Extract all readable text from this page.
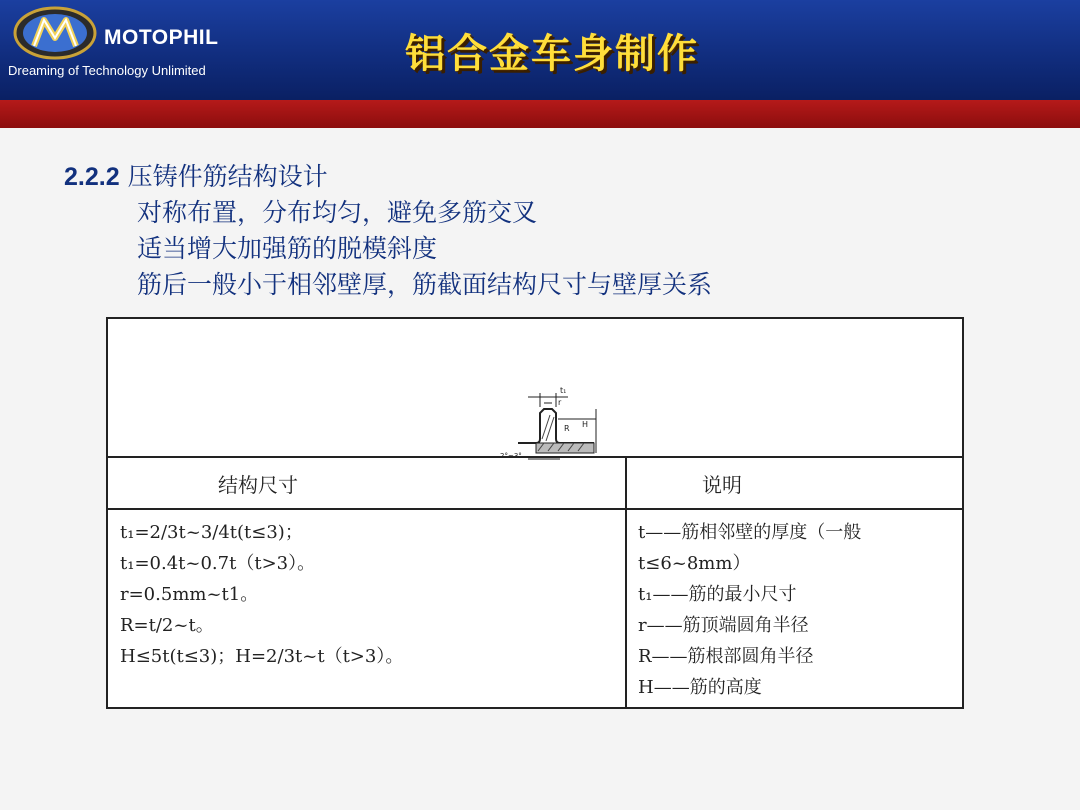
MOTOPHIL
Dreaming of Technology Unlimited	铝合金车身制作
2.2.2 压铸件筋结构设计
对称布置，分布均匀，避免多筋交叉
适当增大加强筋的脱模斜度
筋后一般小于相邻壁厚，筋截面结构尺寸与壁厚关系
t₁
r
R H
结构尺寸	说明
t₁=2/3t~3/4t(t≤3)；
t₁=0.4t~0.7t（t>3）。
r=0.5mm~t1。
R=t/2~t。
H≤5t(t≤3)；H=2/3t~t（t>3）。
t——筋相邻壁的厚度（一般
t≤6~8mm）
t₁——筋的最小尺寸
r——筋顶端圆角半径
R——筋根部圆角半径
H——筋的高度
